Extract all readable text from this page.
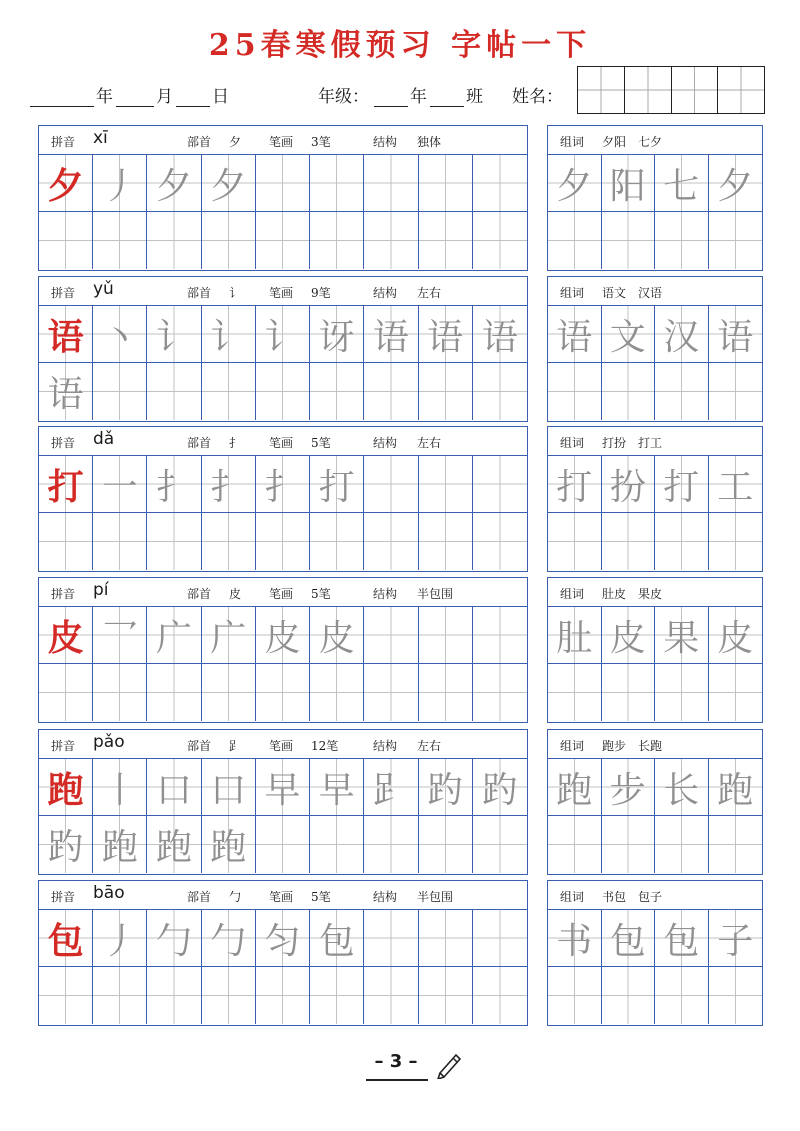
25春寒假预习 字帖一下
年	月 日	年级： 年 班 姓名：
拼音 xī	部首 夕 笔画 3笔	结构 独体
夕 丿 夕 夕
组词 夕阳　七夕
夕 阳 七 夕
拼音 yǔ	部首 讠 笔画 9笔	结构 左右
语 丶 讠 讠 讠 讶 语 语 语
语
组词 语文　汉语
语 文 汉 语
拼音 dǎ	部首 扌 笔画 5笔	结构 左右
打 一 扌 扌 扌 打
组词 打扮　打工
打 扮 打 工
拼音 pí	部首 皮 笔画 5笔	结构 半包围
皮 乛 广 广 皮 皮
组词 肚皮　果皮
肚 皮 果 皮
拼音 pǎo	部首 𧾷 笔画 12笔	结构 左右
跑 丨 口 口 早 早 𧾷 趵 趵
趵 跑 跑 跑
组词 跑步　长跑
跑 步 长 跑
拼音 bāo	部首 勹 笔画 5笔	结构 半包围
包 丿 勹 勹 匀 包
组词 书包　包子
书 包 包 子
– 3 –
